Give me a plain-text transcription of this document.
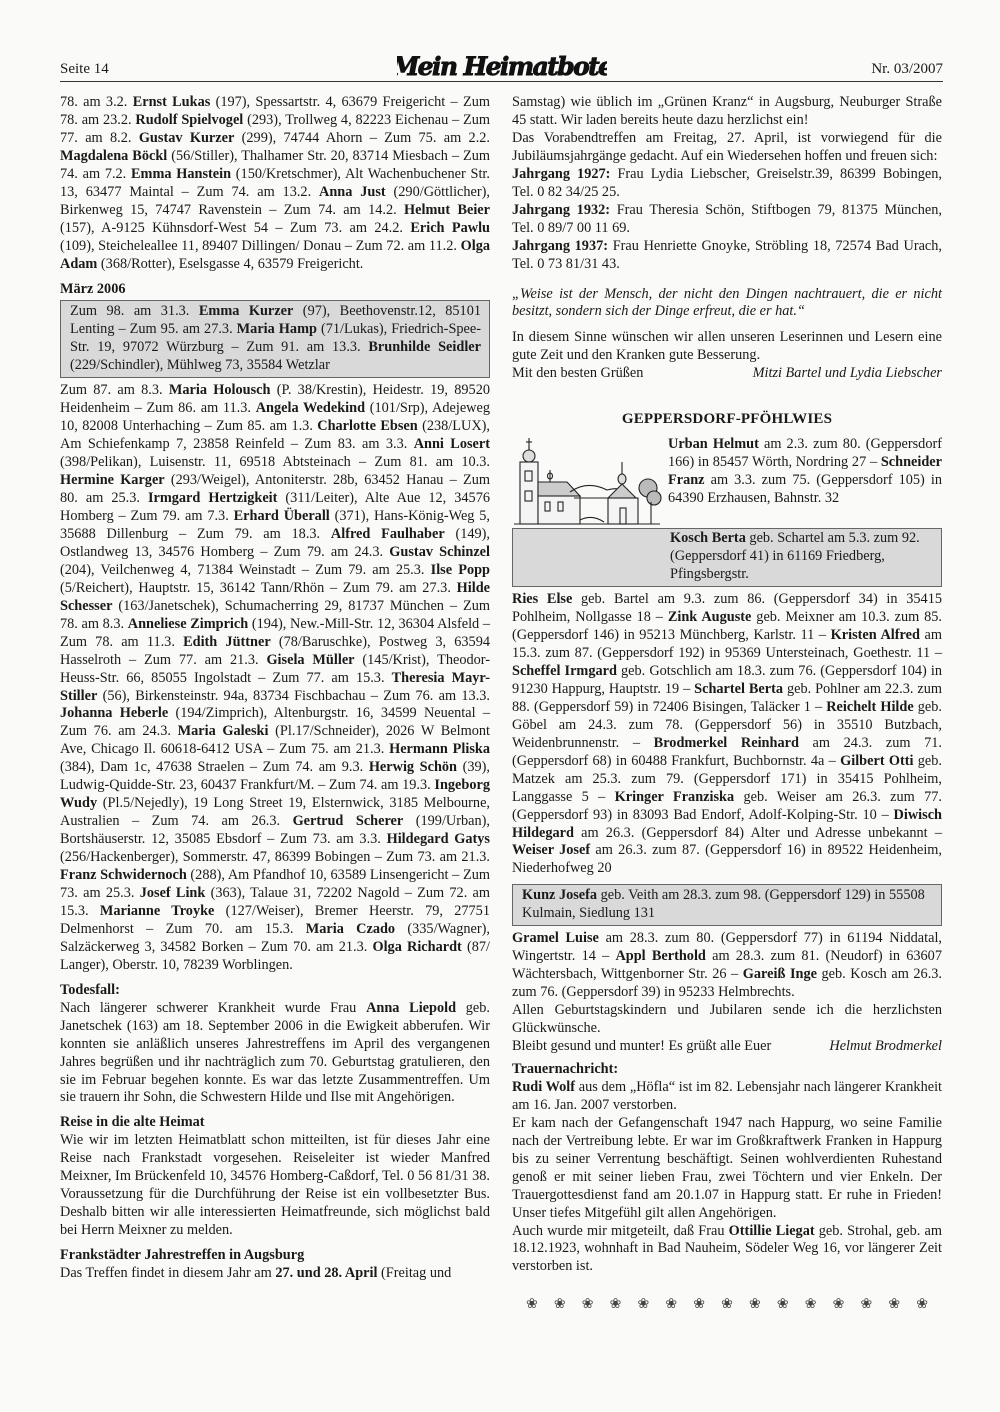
Seite 14	Mein Heimatbote	Nr. 03/2007

78. am 3.2. Ernst Lukas (197), Spessartstr. 4, 63679 Freigericht – Zum 78. am 23.2. Rudolf Spielvogel (293), Trollweg 4, 82223 Eichenau – Zum 77. am 8.2. Gustav Kurzer (299), 74744 Ahorn – Zum 75. am 2.2. Magdalena Böckl (56/Stiller), Thalhamer Str. 20, 83714 Miesbach – Zum 74. am 7.2. Emma Hanstein (150/Kretschmer), Alt Wachenbuchener Str. 13, 63477 Maintal – Zum 74. am 13.2. Anna Just (290/Göttlicher), Birkenweg 15, 74747 Ravenstein – Zum 74. am 14.2. Helmut Beier (157), A-9125 Kühnsdorf-West 54 – Zum 73. am 24.2. Erich Pawlu (109), Steicheleallee 11, 89407 Dillingen/ Donau – Zum 72. am 11.2. Olga Adam (368/Rotter), Eselsgasse 4, 63579 Freigericht.

März 2006

Zum 98. am 31.3. Emma Kurzer (97), Beethovenstr.12, 85101 Lenting – Zum 95. am 27.3. Maria Hamp (71/Lukas), Friedrich-Spee-Str. 19, 97072 Würzburg – Zum 91. am 13.3. Brunhilde Seidler (229/Schindler), Mühlweg 73, 35584 Wetzlar

Zum 87. am 8.3. Maria Holousch (P. 38/Krestin), Heidestr. 19, 89520 Heidenheim – Zum 86. am 11.3. Angela Wedekind (101/Srp), Adejeweg 10, 82008 Unterhaching – Zum 85. am 1.3. Charlotte Ebsen (238/LUX), Am Schiefenkamp 7, 23858 Reinfeld – Zum 83. am 3.3. Anni Losert (398/Pelikan), Luisenstr. 11, 69518 Abtsteinach – Zum 81. am 10.3. Hermine Karger (293/Weigel), Antoniterstr. 28b, 63452 Hanau – Zum 80. am 25.3. Irmgard Hertzigkeit (311/Leiter), Alte Aue 12, 34576 Homberg – Zum 79. am 7.3. Erhard Überall (371), Hans-König-Weg 5, 35688 Dillenburg – Zum 79. am 18.3. Alfred Faulhaber (149), Ostlandweg 13, 34576 Homberg – Zum 79. am 24.3. Gustav Schinzel (204), Veilchenweg 4, 71384 Weinstadt – Zum 79. am 25.3. Ilse Popp (5/Reichert), Hauptstr. 15, 36142 Tann/Rhön – Zum 79. am 27.3. Hilde Schesser (163/Janetschek), Schumacherring 29, 81737 München – Zum 78. am 8.3. Anneliese Zimprich (194), New.-Mill-Str. 12, 36304 Alsfeld – Zum 78. am 11.3. Edith Jüttner (78/Baruschke), Postweg 3, 63594 Hasselroth – Zum 77. am 21.3. Gisela Müller (145/Krist), Theodor-Heuss-Str. 66, 85055 Ingolstadt – Zum 77. am 15.3. Theresia Mayr-Stiller (56), Birkensteinstr. 94a, 83734 Fischbachau – Zum 76. am 13.3. Johanna Heberle (194/Zimprich), Altenburgstr. 16, 34599 Neuental – Zum 76. am 24.3. Maria Galeski (Pl.17/Schneider), 2026 W Belmont Ave, Chicago Il. 60618-6412 USA – Zum 75. am 21.3. Hermann Pliska (384), Dam 1c, 47638 Straelen – Zum 74. am 9.3. Herwig Schön (39), Ludwig-Quidde-Str. 23, 60437 Frankfurt/M. – Zum 74. am 19.3. Ingeborg Wudy (Pl.5/Nejedly), 19 Long Street 19, Elsternwick, 3185 Melbourne, Australien – Zum 74. am 26.3. Gertrud Scherer (199/Urban), Bortshäuserstr. 12, 35085 Ebsdorf – Zum 73. am 3.3. Hildegard Gatys (256/Hackenberger), Sommerstr. 47, 86399 Bobingen – Zum 73. am 21.3. Franz Schwidernoch (288), Am Pfandhof 10, 63589 Linsengericht – Zum 73. am 25.3. Josef Link (363), Talaue 31, 72202 Nagold – Zum 72. am 15.3. Marianne Troyke (127/Weiser), Bremer Heerstr. 79, 27751 Delmenhorst – Zum 70. am 15.3. Maria Czado (335/Wagner), Salzäckerweg 3, 34582 Borken – Zum 70. am 21.3. Olga Richardt (87/ Langer), Oberstr. 10, 78239 Worblingen.

Todesfall:

Nach längerer schwerer Krankheit wurde Frau Anna Liepold geb. Janetschek (163) am 18. September 2006 in die Ewigkeit abberufen. Wir konnten sie anläßlich unseres Jahrestreffens im April des vergangenen Jahres begrüßen und ihr nachträglich zum 70. Geburtstag gratulieren, den sie im Februar begehen konnte. Es war das letzte Zusammentreffen. Um sie trauern ihr Sohn, die Schwestern Hilde und Ilse mit Angehörigen.

Reise in die alte Heimat

Wie wir im letzten Heimatblatt schon mitteilten, ist für dieses Jahr eine Reise nach Frankstadt vorgesehen. Reiseleiter ist wieder Manfred Meixner, Im Brückenfeld 10, 34576 Homberg-Caßdorf, Tel. 0 56 81/31 38. Voraussetzung für die Durchführung der Reise ist ein vollbesetzter Bus. Deshalb bitten wir alle interessierten Heimatfreunde, sich möglichst bald bei Herrn Meixner zu melden.

Frankstädter Jahrestreffen in Augsburg

Das Treffen findet in diesem Jahr am 27. und 28. April (Freitag und

Samstag) wie üblich im „Grünen Kranz“ in Augsburg, Neuburger Straße 45 statt. Wir laden bereits heute dazu herzlichst ein!

Das Vorabendtreffen am Freitag, 27. April, ist vorwiegend für die Jubiläumsjahrgänge gedacht. Auf ein Wiedersehen hoffen und freuen sich:

Jahrgang 1927: Frau Lydia Liebscher, Greiselstr.39, 86399 Bobingen, Tel. 0 82 34/25 25.

Jahrgang 1932: Frau Theresia Schön, Stiftbogen 79, 81375 München, Tel. 0 89/7 00 11 69.

Jahrgang 1937: Frau Henriette Gnoyke, Ströbling 18, 72574 Bad Urach, Tel. 0 73 81/31 43.

„Weise ist der Mensch, der nicht den Dingen nachtrauert, die er nicht besitzt, sondern sich der Dinge erfreut, die er hat.“

In diesem Sinne wünschen wir allen unseren Leserinnen und Lesern eine gute Zeit und den Kranken gute Besserung.

Mit den besten Grüßen	Mitzi Bartel und Lydia Liebscher

GEPPERSDORF-PFÖHLWIES

Urban Helmut am 2.3. zum 80. (Geppersdorf 166) in 85457 Wörth, Nordring 27 – Schneider Franz am 3.3. zum 75. (Geppersdorf 105) in 64390 Erzhausen, Bahnstr. 32

Kosch Berta geb. Schartel am 5.3. zum 92. (Geppersdorf 41) in 61169 Friedberg, Pfingsbergstr.

Ries Else geb. Bartel am 9.3. zum 86. (Geppersdorf 34) in 35415 Pohlheim, Nollgasse 18 – Zink Auguste geb. Meixner am 10.3. zum 85. (Geppersdorf 146) in 95213 Münchberg, Karlstr. 11 – Kristen Alfred am 15.3. zum 87. (Geppersdorf 192) in 95369 Untersteinach, Goethestr. 11 – Scheffel Irmgard geb. Gotschlich am 18.3. zum 76. (Geppersdorf 104) in 91230 Happurg, Hauptstr. 19 – Schartel Berta geb. Pohlner am 22.3. zum 88. (Geppersdorf 59) in 72406 Bisingen, Taläcker 1 – Reichelt Hilde geb. Göbel am 24.3. zum 78. (Geppersdorf 56) in 35510 Butzbach, Weidenbrunnenstr. – Brodmerkel Reinhard am 24.3. zum 71. (Geppersdorf 68) in 60488 Frankfurt, Buchbornstr. 4a – Gilbert Otti geb. Matzek am 25.3. zum 79. (Geppersdorf 171) in 35415 Pohlheim, Langgasse 5 – Kringer Franziska geb. Weiser am 26.3. zum 77. (Geppersdorf 93) in 83093 Bad Endorf, Adolf-Kolping-Str. 10 – Diwisch Hildegard am 26.3. (Geppersdorf 84) Alter und Adresse unbekannt – Weiser Josef am 26.3. zum 87. (Geppersdorf 16) in 89522 Heidenheim, Niederhofweg 20

Kunz Josefa geb. Veith am 28.3. zum 98. (Geppersdorf 129) in 55508 Kulmain, Siedlung 131

Gramel Luise am 28.3. zum 80. (Geppersdorf 77) in 61194 Niddatal, Wingertstr. 14 – Appl Berthold am 28.3. zum 81. (Neudorf) in 63607 Wächtersbach, Wittgenborner Str. 26 – Gareiß Inge geb. Kosch am 26.3. zum 76. (Geppersdorf 39) in 95233 Helmbrechts.

Allen Geburtstagskindern und Jubilaren sende ich die herzlichsten Glückwünsche.

Bleibt gesund und munter! Es grüßt alle Euer	Helmut Brodmerkel

Trauernachricht:

Rudi Wolf aus dem „Höfla“ ist im 82. Lebensjahr nach längerer Krankheit am 16. Jan. 2007 verstorben.

Er kam nach der Gefangenschaft 1947 nach Happurg, wo seine Familie nach der Vertreibung lebte. Er war im Großkraftwerk Franken in Happurg bis zu seiner Verrentung beschäftigt. Seinen wohlverdienten Ruhestand genoß er mit seiner lieben Frau, zwei Töchtern und vier Enkeln. Der Trauergottesdienst fand am 20.1.07 in Happurg statt. Er ruhe in Frieden! Unser tiefes Mitgefühl gilt allen Angehörigen.

Auch wurde mir mitgeteilt, daß Frau Ottillie Liegat geb. Strohal, geb. am 18.12.1923, wohnhaft in Bad Nauheim, Södeler Weg 16, vor längerer Zeit verstorben ist.

❀ ❀ ❀ ❀ ❀ ❀ ❀ ❀ ❀ ❀ ❀ ❀ ❀ ❀ ❀
